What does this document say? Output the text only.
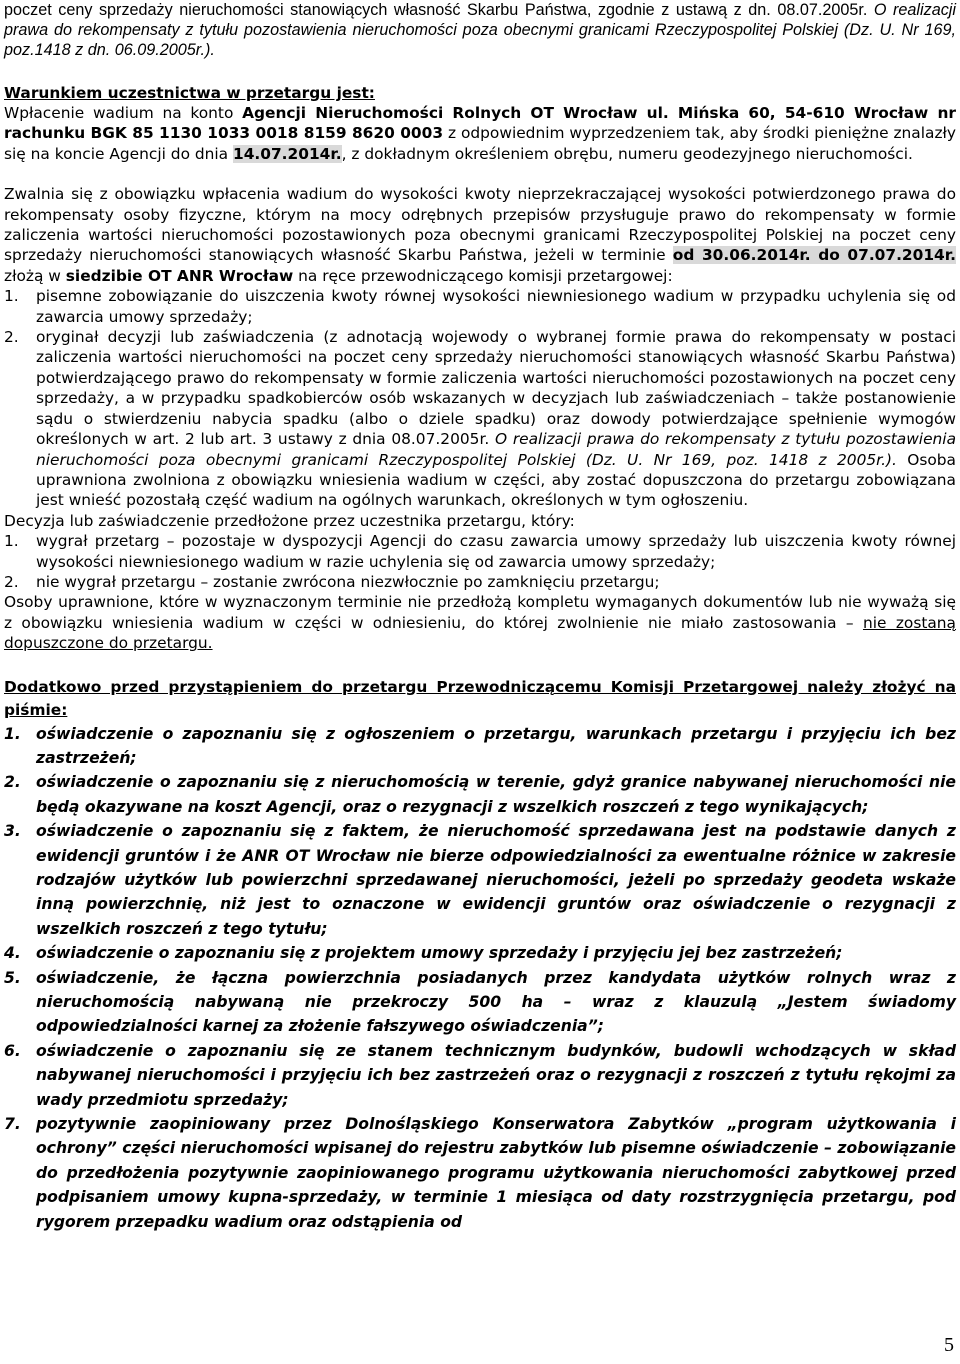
poczet ceny sprzedaży nieruchomości stanowiących własność Skarbu Państwa, zgodnie z ustawą z dn. 08.07.2005r. O realizacji prawa do rekompensaty z tytułu pozostawienia nieruchomości poza obecnymi granicami Rzeczypospolitej Polskiej (Dz. U. Nr 169, poz.1418 z dn. 06.09.2005r.).

Warunkiem uczestnictwa w przetargu jest:

Wpłacenie wadium na konto Agencji Nieruchomości Rolnych OT Wrocław ul. Mińska 60, 54-610 Wrocław nr rachunku BGK 85 1130 1033 0018 8159 8620 0003 z odpowiednim wyprzedzeniem tak, aby środki pieniężne znalazły się na koncie Agencji do dnia 14.07.2014r., z dokładnym określeniem obrębu, numeru geodezyjnego nieruchomości.

Zwalnia się z obowiązku wpłacenia wadium do wysokości kwoty nieprzekraczającej wysokości potwierdzonego prawa do rekompensaty osoby fizyczne, którym na mocy odrębnych przepisów przysługuje prawo do rekompensaty w formie zaliczenia wartości nieruchomości pozostawionych poza obecnymi granicami Rzeczypospolitej Polskiej na poczet ceny sprzedaży nieruchomości stanowiących własność Skarbu Państwa, jeżeli w terminie od 30.06.2014r. do 07.07.2014r. złożą w siedzibie OT ANR Wrocław na ręce przewodniczącego komisji przetargowej:

1.	pisemne zobowiązanie do uiszczenia kwoty równej wysokości niewniesionego wadium w przypadku uchylenia się od zawarcia umowy sprzedaży;
2.	oryginał decyzji lub zaświadczenia (z adnotacją wojewody o wybranej formie prawa do rekompensaty w postaci zaliczenia wartości nieruchomości na poczet ceny sprzedaży nieruchomości stanowiących własność Skarbu Państwa) potwierdzającego prawo do rekompensaty w formie zaliczenia wartości nieruchomości pozostawionych na poczet ceny sprzedaży, a w przypadku spadkobierców osób wskazanych w decyzjach lub zaświadczeniach – także postanowienie sądu o stwierdzeniu nabycia spadku (albo o dziele spadku) oraz dowody potwierdzające spełnienie wymogów określonych w art. 2 lub art. 3 ustawy z dnia 08.07.2005r. O realizacji prawa do rekompensaty z tytułu pozostawienia nieruchomości poza obecnymi granicami Rzeczypospolitej Polskiej (Dz. U. Nr 169, poz. 1418 z 2005r.). Osoba uprawniona zwolniona z obowiązku wniesienia wadium w części, aby zostać dopuszczona do przetargu zobowiązana jest wnieść pozostałą część wadium na ogólnych warunkach, określonych w tym ogłoszeniu.

Decyzja lub zaświadczenie przedłożone przez uczestnika przetargu, który:

1.	wygrał przetarg – pozostaje w dyspozycji Agencji do czasu zawarcia umowy sprzedaży lub uiszczenia kwoty równej wysokości niewniesionego wadium w razie uchylenia się od zawarcia umowy sprzedaży;
2.	nie wygrał przetargu – zostanie zwrócona niezwłocznie po zamknięciu przetargu;

Osoby uprawnione, które w wyznaczonym terminie nie przedłożą kompletu wymaganych dokumentów lub nie wyważą się z obowiązku wniesienia wadium w części w odniesieniu, do której zwolnienie nie miało zastosowania – nie zostaną dopuszczone do przetargu.

Dodatkowo przed przystąpieniem do przetargu Przewodniczącemu Komisji Przetargowej należy złożyć na piśmie:

1. oświadczenie o zapoznaniu się z ogłoszeniem o przetargu, warunkach przetargu i przyjęciu ich bez zastrzeżeń;
2. oświadczenie o zapoznaniu się z nieruchomością w terenie, gdyż granice nabywanej nieruchomości nie będą okazywane na koszt Agencji, oraz o rezygnacji z wszelkich roszczeń z tego wynikających;
3. oświadczenie o zapoznaniu się z faktem, że nieruchomość sprzedawana jest na podstawie danych z ewidencji gruntów i że ANR OT Wrocław nie bierze odpowiedzialności za ewentualne różnice w zakresie rodzajów użytków lub powierzchni sprzedawanej nieruchomości, jeżeli po sprzedaży geodeta wskaże inną powierzchnię, niż jest to oznaczone w ewidencji gruntów oraz oświadczenie o rezygnacji z wszelkich roszczeń z tego tytułu;
4. oświadczenie o zapoznaniu się z projektem umowy sprzedaży i przyjęciu jej bez zastrzeżeń;
5. oświadczenie, że łączna powierzchnia posiadanych przez kandydata użytków rolnych wraz z nieruchomością nabywaną nie przekroczy 500 ha – wraz z klauzulą „Jestem świadomy odpowiedzialności karnej za złożenie fałszywego oświadczenia”;
6. oświadczenie o zapoznaniu się ze stanem technicznym budynków, budowli wchodzących w skład nabywanej nieruchomości i przyjęciu ich bez zastrzeżeń oraz o rezygnacji z roszczeń z tytułu rękojmi za wady przedmiotu sprzedaży;
7. pozytywnie zaopiniowany przez Dolnośląskiego Konserwatora Zabytków „program użytkowania i ochrony” części nieruchomości wpisanej do rejestru zabytków lub pisemne oświadczenie – zobowiązanie do przedłożenia pozytywnie zaopiniowanego programu użytkowania nieruchomości zabytkowej przed podpisaniem umowy kupna-sprzedaży, w terminie 1 miesiąca od daty rozstrzygnięcia przetargu, pod rygorem przepadku wadium oraz odstąpienia od
5
